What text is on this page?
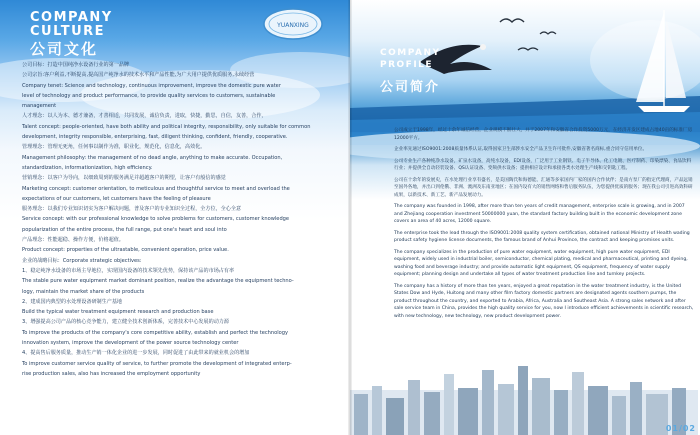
COMPANY
CULTURE
公司文化
YUANXING

公司目标：打造中国纯净水设备行业的第一品牌

公司宗旨:客户利益,不断提高,提高国产纯净水的技术水平和产品性能,为广大用户提供优质服务,永续经营

Company tenet: Science and technology, continuous improvement, improve the domestic pure water

level of technology and product performance, to provide quality services to customers, sustainable

management

人才理念：以人为本、德才兼备，才善相适，共同发展，诚信负责，进取，快捷，勤思，自信，友善，合作，

Talent concept: people-oriented, have both ability and political integrity, responsibility, only suitable for common

development, integrity responsible, enterprising, fast, diligent thinking, confident, friendly, cooperative.

管理理念：管理无死角，任何事以制作为准，职业化，规范化，信息化，高效化。

Management philosophy: the management of no dead angle, anything to make accurate. Occupation,

standardization, informationization, high efficiency.

营销理念：以客户为导向，以细致周到的服务满足并超越客户的期望，让客户有般信的感觉

Marketing concept: customer orientation, to meticulous and thoughtful service to meet and overload the

expectations of our customers, let customers have the feeling of pleasure

服务理念：以我们专业知识切实为客户解决问题，普及客户的专业知识全过程，全方位，全心全意

Service concept: with our professional knowledge to solve problems for customers, customer knowledge

popularization of the entire process, the full range, put one's heart and soul into

产品理念：性能超稳、操作方便，价格超值。

Product concept: properties of the ultrastable, convenient operation, price value.

企业的战略目标：Corporate strategic objectives:

1、稳定纯净水设备的市场主导地位，实现国内设备的技术领先优势，保持该产品的市场占有率

The stable pure water equipment market dominant position, realize the advantage the equipment techno-

logy, maintain the market share of the products

2、建成国内典型的水处理设备研制生产基地

Build the typical water treatment equipment research and production base

3、增强提高公司产品的核心竞争能力，建立健全技术创新体系，完善技术中心发展的动力源

To improve the products of the company's core competitive ability, establish and perfect the technology

innovation system, improve the development of the power source technology center

4、提高售后服务质量，推动生产销一体化企业的进一步发展，同时促进了由此带来的就业机会的增加

To improve customer service quality of service, to further promote the development of integrated enterp-

rise production sales, also has increased the employment opportunity

COMPANY
PROFILE
公司简介

公司成立于1998年，经过十余年诚信经营，企业规模不断壮大，并于2007年和安徽省合作投资5000万元，在经济开发区建成占地40亩的标准厂房12000平方。

企业率先通过ISO9001:2008质量体系认证,取得国家卫生部涉水安全产品卫生许可批件,安徽省著名商标,重合同守信用单位。

公司专业生产各种纯净水设备，矿泉水设备，高纯水设备，EDI设备，广泛用于工业钢铁、电子半导体、化工电镀、医疗制药、印染漂染、食品饮料行业；并提供全自动轻装设备、QS认证设备、变频供水设备；提供相应设计和承接各类水处理生产线和交钥匙工程。

公司在十余年的发展史，在水处理行业享有盛名，是美国陶氏和海德能、汇通等多家国内厂家的国内合作伙伴；是南方泵厂的指定代理商，产品远销至国外各地，并出口到伦俄、非洲、澳洲及东南亚地区；在国内设有大的销售网络和售后服务队伍，为您提供优质的服务；现在我公司引进高效科研成果，以新技术、新工艺、新产品发展动力。

The company was founded in 1998, after more than ten years of credit management, enterprise scale is growing, and in 2007 and Zhejiang cooperation investment 50000000 yuan, the standard factory building built in the economic development zone covers an area of 40 acres, 12000 square.

The enterprise took the lead through the ISO9001:2008 quality system certification, obtained national Ministry of Health wading product safety hygiene license documents, the famous brand of Anhui Province, the contract and keeping promises units.

The company specializes in the production of pure water equipment, water equipment, high pure water equipment, EDI equipment, widely used in industrial boiler, semiconductor, chemical plating, medical and pharmaceutical, printing and dyeing, washing food and beverage industry; and provide automatic light equipment, QS equipment, frequency of water supply equipment; planning design and undertake all types of water treatment production line and turnkey projects.

The company has a history of more than ten years, enjoyed a great reputation in the water treatment industry, is the United States Dow and Hyde, Huitong and many other film factory domestic partners are designated agents southern pumps, the product throughout the country, and exported to Arabia, Africa, Australia and Southeast Asia. A strong sales network and after sale service team in China, provides the high quality service for you, now I introduce efficient achievements in scientific research, with new technology, new technology, new product development power.

01/02
